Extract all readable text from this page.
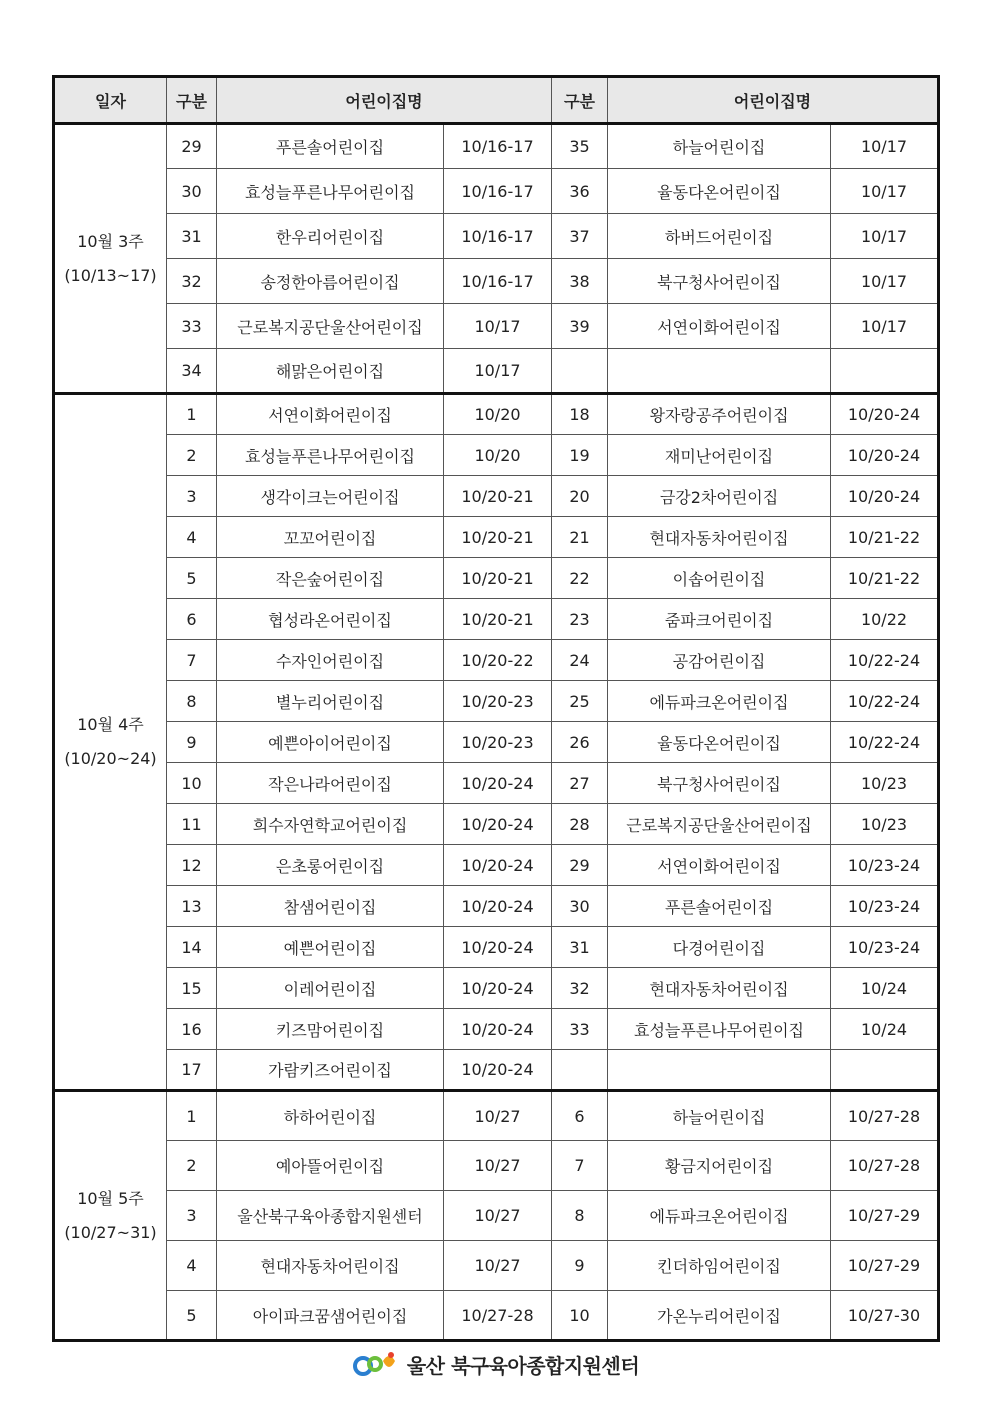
일자	구분	어린이집명		구분	어린이집명	

10월 3주
(10/13~17)	29	푸른솔어린이집	10/16-17	35	하늘어린이집	10/17
	30	효성늘푸른나무어린이집	10/16-17	36	율동다온어린이집	10/17
	31	한우리어린이집	10/16-17	37	하버드어린이집	10/17
	32	송정한아름어린이집	10/16-17	38	북구청사어린이집	10/17
	33	근로복지공단울산어린이집	10/17	39	서연이화어린이집	10/17
	34	해맑은어린이집	10/17			

10월 4주
(10/20~24)	1	서연이화어린이집	10/20	18	왕자랑공주어린이집	10/20-24
	2	효성늘푸른나무어린이집	10/20	19	재미난어린이집	10/20-24
	3	생각이크는어린이집	10/20-21	20	금강2차어린이집	10/20-24
	4	꼬꼬어린이집	10/20-21	21	현대자동차어린이집	10/21-22
	5	작은숲어린이집	10/20-21	22	이솝어린이집	10/21-22
	6	협성라온어린이집	10/20-21	23	줌파크어린이집	10/22
	7	수자인어린이집	10/20-22	24	공감어린이집	10/22-24
	8	별누리어린이집	10/20-23	25	에듀파크온어린이집	10/22-24
	9	예쁜아이어린이집	10/20-23	26	율동다온어린이집	10/22-24
	10	작은나라어린이집	10/20-24	27	북구청사어린이집	10/23
	11	희수자연학교어린이집	10/20-24	28	근로복지공단울산어린이집	10/23
	12	은초롱어린이집	10/20-24	29	서연이화어린이집	10/23-24
	13	참샘어린이집	10/20-24	30	푸른솔어린이집	10/23-24
	14	예쁜어린이집	10/20-24	31	다경어린이집	10/23-24
	15	이레어린이집	10/20-24	32	현대자동차어린이집	10/24
	16	키즈맘어린이집	10/20-24	33	효성늘푸른나무어린이집	10/24
	17	가람키즈어린이집	10/20-24			

10월 5주
(10/27~31)	1	하하어린이집	10/27	6	하늘어린이집	10/27-28
	2	예아뜰어린이집	10/27	7	황금지어린이집	10/27-28
	3	울산북구육아종합지원센터	10/27	8	에듀파크온어린이집	10/27-29
	4	현대자동차어린이집	10/27	9	킨더하임어린이집	10/27-29
	5	아이파크꿈샘어린이집	10/27-28	10	가온누리어린이집	10/27-30
울산 북구육아종합지원센터
